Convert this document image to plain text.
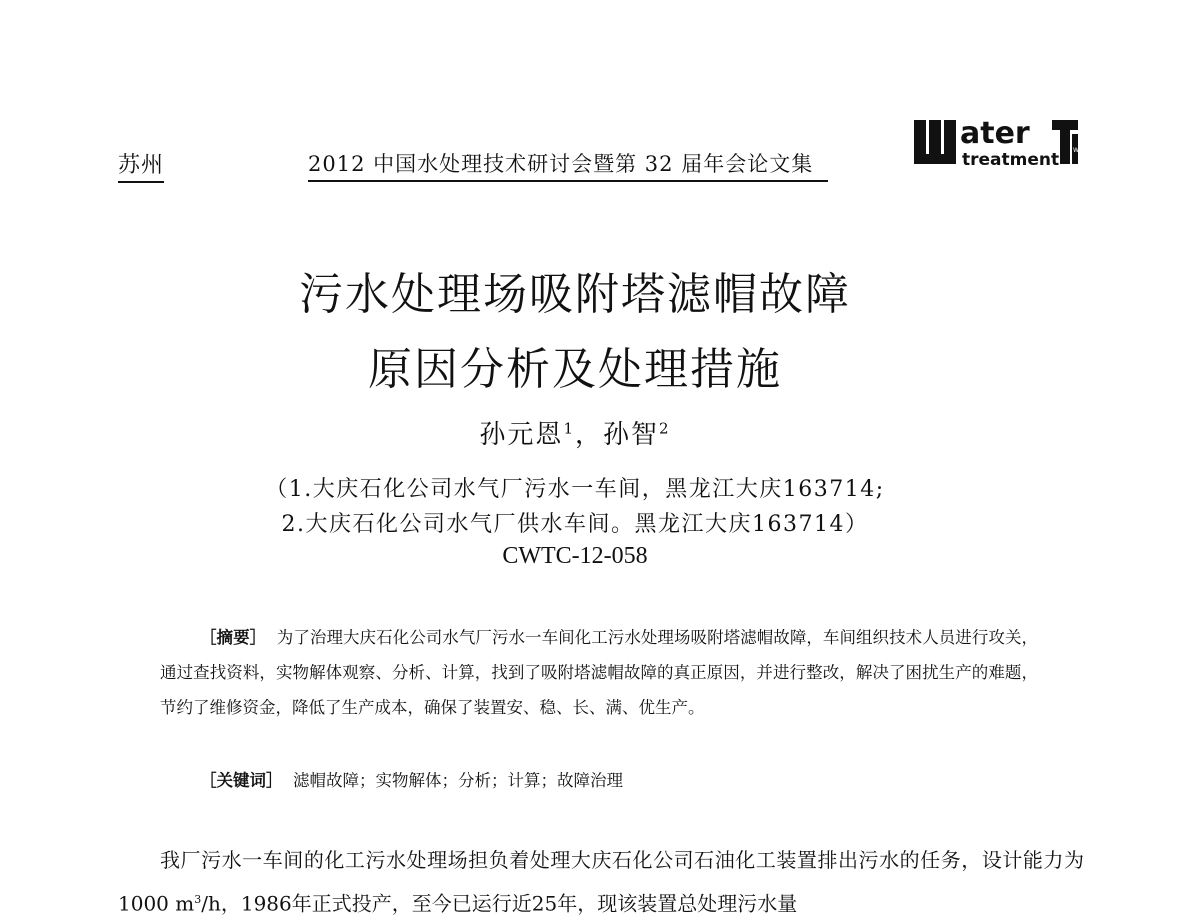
苏州	2012 中国水处理技术研讨会暨第 32 届年会论文集
ater
treatment W
污水处理场吸附塔滤帽故障
原因分析及处理措施
孙元恩$^1$，孙智$^2$
（1.大庆石化公司水气厂污水一车间，黑龙江大庆163714;
2.大庆石化公司水气厂供水车间。黑龙江大庆163714）
CWTC-12-058

［摘要］ 为了治理大庆石化公司水气厂污水一车间化工污水处理场吸附塔滤帽故障，车间组织技术人员进行攻关，通过查找资料，实物解体观察、分析、计算，找到了吸附塔滤帽故障的真正原因，并进行整改，解决了困扰生产的难题，节约了维修资金，降低了生产成本，确保了装置安、稳、长、满、优生产。

［关键词］ 滤帽故障；实物解体；分析；计算；故障治理

我厂污水一车间的化工污水处理场担负着处理大庆石化公司石油化工装置排出污水的任务，设计能力为1000 $m^3/h$，1986年正式投产，至今已运行近25年，现该装置总处理污水量
